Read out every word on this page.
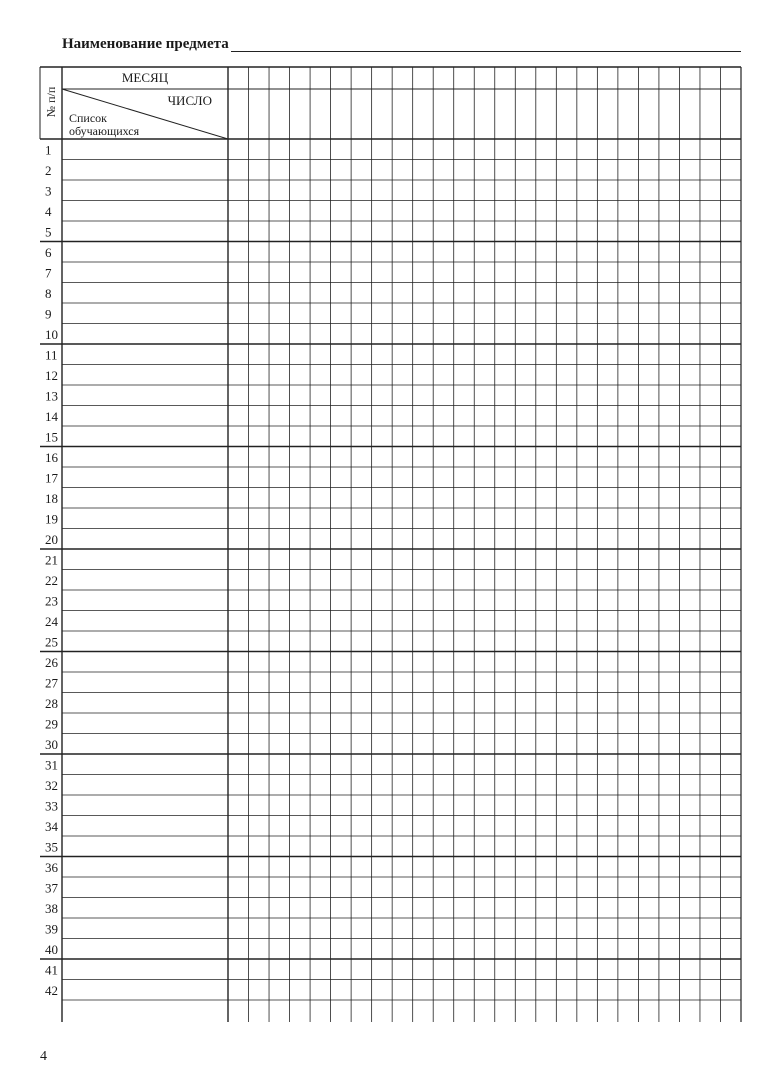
Наименование предмета
МЕСЯЦ
ЧИСЛО
Список
обучающихся
№ п/п
1
2
3
4
5
6
7
8
9
10
11
12
13
14
15
16
17
18
19
20
21
22
23
24
25
26
27
28
29
30
31
32
33
34
35
36
37
38
39
40
41
42
4
